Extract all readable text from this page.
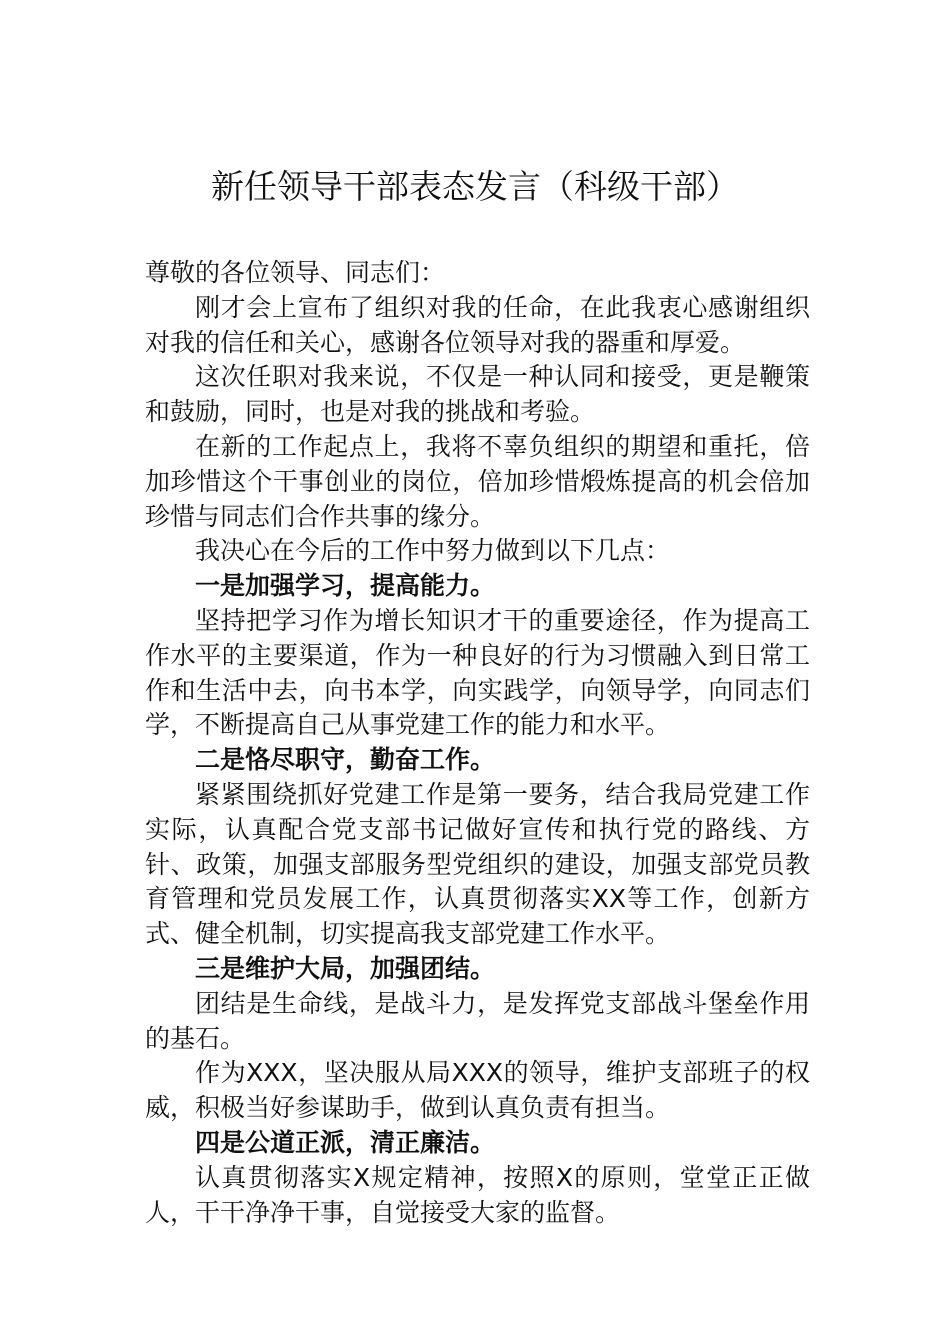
新任领导干部表态发言（科级干部）

尊敬的各位领导、同志们：

刚才会上宣布了组织对我的任命，在此我衷心感谢组织对我的信任和关心，感谢各位领导对我的器重和厚爱。

这次任职对我来说，不仅是一种认同和接受，更是鞭策和鼓励，同时，也是对我的挑战和考验。

在新的工作起点上，我将不辜负组织的期望和重托，倍加珍惜这个干事创业的岗位，倍加珍惜煅炼提高的机会倍加珍惜与同志们合作共事的缘分。

我决心在今后的工作中努力做到以下几点：

一是加强学习，提高能力。

坚持把学习作为增长知识才干的重要途径，作为提高工作水平的主要渠道，作为一种良好的行为习惯融入到日常工作和生活中去，向书本学，向实践学，向领导学，向同志们学，不断提高自己从事党建工作的能力和水平。

二是恪尽职守，勤奋工作。

紧紧围绕抓好党建工作是第一要务，结合我局党建工作实际，认真配合党支部书记做好宣传和执行党的路线、方针、政策，加强支部服务型党组织的建设，加强支部党员教育管理和党员发展工作，认真贯彻落实XX等工作，创新方式、健全机制，切实提高我支部党建工作水平。

三是维护大局，加强团结。

团结是生命线，是战斗力，是发挥党支部战斗堡垒作用的基石。

作为XXX，坚决服从局XXX的领导，维护支部班子的权威，积极当好参谋助手，做到认真负责有担当。

四是公道正派，清正廉洁。

认真贯彻落实X规定精神，按照X的原则，堂堂正正做人，干干净净干事，自觉接受大家的监督。
